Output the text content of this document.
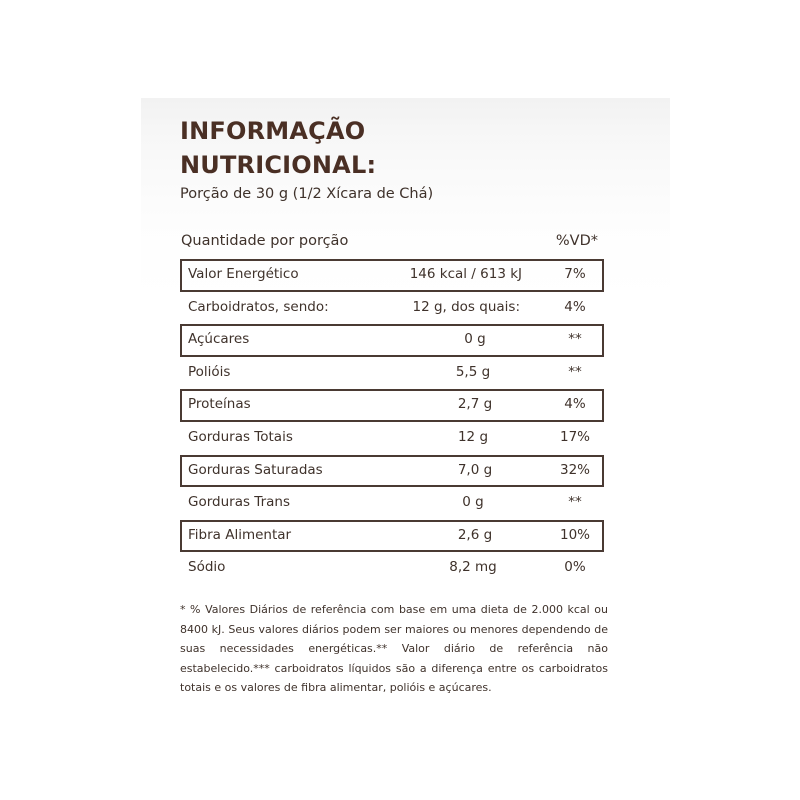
INFORMAÇÃO
NUTRICIONAL:
Porção de 30 g (1/2 Xícara de Chá)
Quantidade por porção	%VD*
Valor Energético	146 kcal / 613 kJ	7%
Carboidratos, sendo:	12 g, dos quais:	4%
Açúcares	0 g	**
Polióis	5,5 g	**
Proteínas	2,7 g	4%
Gorduras Totais	12 g	17%
Gorduras Saturadas	7,0 g	32%
Gorduras Trans	0 g	**
Fibra Alimentar	2,6 g	10%
Sódio	8,2 mg	0%
* % Valores Diários de referência com base em uma dieta de 2.000 kcal ou 8400 kJ. Seus valores diários podem ser maiores ou menores dependendo de suas necessidades energéticas.** Valor diário de referência não estabelecido.*** carboidratos líquidos são a diferença entre os carboidratos totais e os valores de fibra alimentar, polióis e açúcares.
